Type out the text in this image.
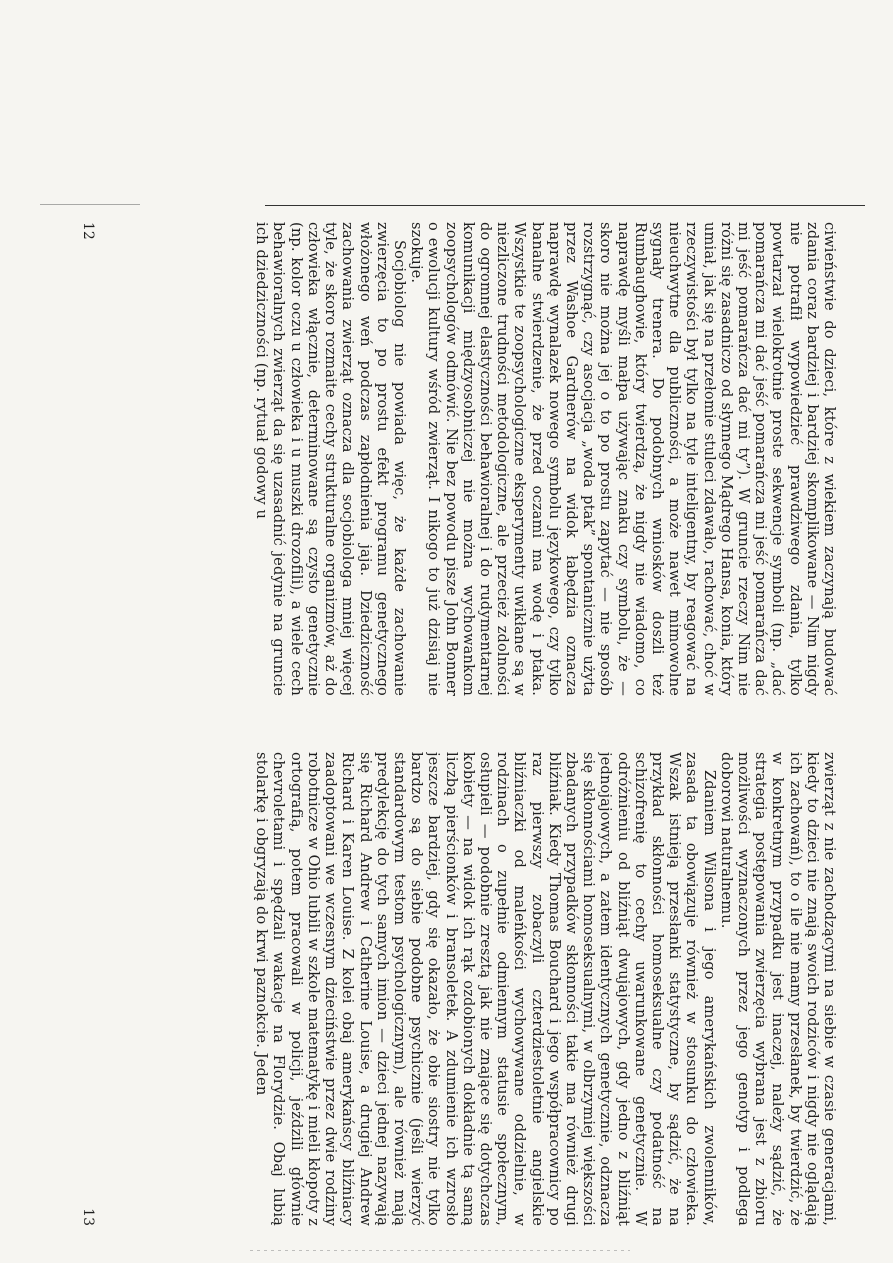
ciwieństwie do dzieci, które z wiekiem zaczynają budować zdania coraz bardziej i bardziej skomplikowane — Nim nigdy nie potrafił wypowiedzieć prawdziwego zdania, tylko powtarzał wielokrotnie proste sekwencje symboli (np. „dać pomarańcza mi dać jeść pomarańcza mi jeść pomarańcza dać mi jeść pomarańcza dać mi ty”). W gruncie rzeczy Nim nie różni się zasadniczo od słynnego Mądrego Hansa, konia, który umiał, jak się na przełomie stuleci zdawało, rachować, choć w rzeczywistości był tylko na tyle inteligentny, by reagować na nieuchwytne dla publiczności, a może nawet mimowolne sygnały trenera. Do podobnych wniosków doszli też Rumbaughowie, który twierdzą, że nigdy nie wiadomo, co naprawdę myśli małpa używając znaku czy symbolu, że — skoro nie można jej o to po prostu zapytać — nie sposób rozstrzygnąć, czy asocjacja „woda ptak” spontanicznie użyta przez Washoe Gardnerów na widok łabędzia oznacza naprawdę wynalazek nowego symbolu językowego, czy tylko banalne stwierdzenie, że przed oczami ma wodę i ptaka. Wszystkie te zoopsychologiczne eksperymenty uwikłane są w niezliczone trudności metodologiczne, ale przecież zdolności do ogromnej elastyczności behawioralnej i do rudymentarnej komunikacji międzyosobniczej nie można wychowankom zoopsychologów odmówić. Nie bez powodu pisze John Bonner o ewolucji kultury wśród zwierząt. I nikogo to już dzisiaj nie szokuje.

Socjobiolog nie powiada więc, że każde zachowanie zwierzęcia to po prostu efekt programu genetycznego włożonego weń podczas zapłodnienia jaja. Dziedziczność zachowania zwierząt oznacza dla socjobiologa mniej więcej tyle, że skoro rozmaite cechy strukturalne organizmów, aż do człowieka włącznie, determinowane są czysto genetycznie (np. kolor oczu u człowieka i u muszki drozofili), a wiele cech behawioralnych zwierząt da się uzasadnić jedynie na gruncie ich dziedziczności (np. rytuał godowy u

12

zwierząt z nie zachodzącymi na siebie w czasie generacjami, kiedy to dzieci nie znają swoich rodziców i nigdy nie oglądają ich zachowań), to o ile nie mamy przesłanek, by twierdzić, że w konkretnym przypadku jest inaczej, należy sądzić, że strategia postępowania zwierzęcia wybrana jest z zbioru możliwości wyznaczonych przez jego genotyp i podlega doborowi naturalnemu.

Zdaniem Wilsona i jego amerykańskich zwolenników, zasada ta obowiązuje również w stosunku do człowieka. Wszak istnieją przesłanki statystyczne, by sądzić, że na przykład skłonności homoseksualne czy podatność na schizofrenię to cechy uwarunkowane genetycznie. W odróżnieniu od bliźniąt dwujajowych, gdy jedno z bliźniąt jednojajowych, a zatem identycznych genetycznie, odznacza się skłonnościami homoseksualnymi, w olbrzymiej większości zbadanych przypadków skłonności takie ma również drugi bliźniak. Kiedy Thomas Bouchard i jego współpracownicy po raz pierwszy zobaczyli czterdziestoletnie angielskie bliźniaczki od maleńkości wychowywane oddzielnie, w rodzinach o zupełnie odmiennym statusie społecznym, osłupieli — podobnie zresztą jak nie znające się dotychczas kobiety — na widok ich rąk ozdobionych dokładnie tą samą liczbą pierścionków i bransoletek. A zdumienie ich wzrosło jeszcze bardziej, gdy się okazało, że obie siostry nie tylko bardzo są do siebie podobne psychicznie (jeśli wierzyć standardowym testom psychologicznym), ale również mają predylekcję do tych samych imion — dzieci jednej nazywają się Richard Andrew i Catherine Louise, a drugiej Andrew Richard i Karen Louise. Z kolei obaj amerykańscy bliźniacy zaadoptowani we wczesnym dzieciństwie przez dwie rodziny robotnicze w Ohio lubili w szkole matematykę i mieli kłopoty z ortografią, potem pracowali w policji, jeździli głównie chevroletami i spędzali wakacje na Florydzie. Obaj lubią stolarkę i obgryzają do krwi paznokcie. Jeden

13
